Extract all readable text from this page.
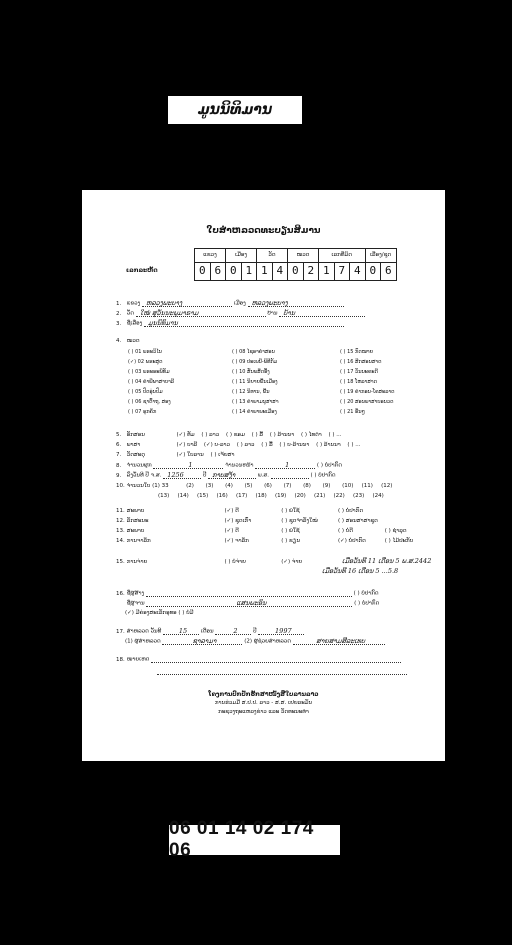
ມູນນິທິມານ
ໃບສຳຫລວດທະບຽນສິມານ
ເລກລະຫັດ
ແຂວງ		ເມືອງ		ວັດ		ໝວດ		ເລກທີ່ມິດ			ເລື່ອງ/ຊຸດ	
0	6	0	1	1	4	0	2	1	7	4	0	6
1. ແຂວງ ຫລວງພະບາງ	ເມືອງ ຫລວງພະບາງ
2. ວັດ ໃໝ່ ສຸວັນນະພູມາຣາມ	ບ້ານ ບ້ານ
3. ຊື່ເລື່ອງ ມູນນິທິມານ
4. ໝວດ
( ) 01 ພຣະວິໄນ	( ) 08 ໄຊອາຄຳສອນ	( ) 15 ກົດໝາຍ
(✓) 02 ພຣະສູດ	( ) 09 ປະເພນີ-ພິທີກັມ	( ) 16 ສິກສອນສາດ
( ) 03 ພຣະອະພິທັມ	( ) 10 ສັ່ນພສຶດອັ້ງ	( ) 17 ວັນນະຄະດີ
( ) 04 ຄຳພີພາສາບາລີ	( ) 11 ນິຍາຍພື້ນເມືອງ	( ) 18 ໂຫລາສາດ
( ) 05 ປົດອຸ່ນປົມ	( ) 12 ນິທານ, ພື້ນ	( ) 19 ຄຳກອນ-ໂຄສະລາດ
( ) 06 ຊາດົ້າຖ, ສອງ	( ) 13 ຄຳພາມນູສາສາ	( ) 20 ສອນພາສາບອນວດ
( ) 07 ອຸກຄຶກ	( ) 14 ຄຳພາພະເມືອງ	( ) 21 ອື່ນໆ
5. ອັກສອນ	(✓) ທັມ ( ) ລາວ ( ) ຂອມ ( ) ລື້ ( ) ລ້ານນາ ( ) ໄທດໍາ ( ) ...
6. ພາສາ	(✓) ບາລີ (✓) ບ-ລາວ ( ) ລາວ ( ) ລື້ ( ) ບ-ລ້ານນາ ( ) ລ້ານນາ ( ) ...
7. ວັດສະດຸ	(✓) ໃບລານ ( ) ເຈ້ຍສາ
8. ຈຳນວນຜູກ	1	ຈຳນວນຫນ້າ	1	( ) ບໍ່ປາກົດ
9. ລົງວັນທີ ປີ ຈ.ສ. 1256	ປີ ກາບສງ້າ	ພ.ສ.	( ) ບໍ່ປາກົດ
10. ຈຳນວນໃບ (1) 33	(2) (3) (4) (5) (6) (7) (8) (9) (10) (11) (12)
(13) (14) (15) (16) (17) (18) (19) (20) (21) (22) (23) (24)
11. ສະພາບ	(✓) ດີ	( ) ພໍໃຊ້	( ) ບໍ່ປາກົດ
12. ລັກສະນະ	(✓) ຊຸດເກົ່າ	( ) ຊຸດຈຳລັງໃໝ່	( ) ສອນສາສາຊຸດ
13. ສະພາບ	(✓) ດີ	( ) ພໍໃຊ້	( ) ບໍ່ດີ	( ) ຊຳລຸດ
14. ການຈາລຶກ	(✓) ຈາລຶກ	( ) ຂຽນ	(✓) ບໍ່ປາກົດ	( ) ໄມ້ປະກັບ
15. ການຈ່າຍ	( ) ບໍ່ຈ່າຍ	(✓) ຈ່າຍ	ເມື່ອວັນທີ 11 ເດືອນ 5 ພ.ສ.2442
ເມື່ອວັນທີ 16 ເດືອນ 5 ...5.8
16. ຊື່ຜູ້ສ້າງ	( ) ບໍ່ປາກົດ
ຊື່ຜູ້ຈານ	ແສນພະອິນ	( ) ບໍ່ປາກົດ
(✓) ມີຄ່ອງສະເລັກອຸທອ ( ) ບໍ່ມີ
17. ສຳຫລວດ ວັນທີ	15 ເດືອນ	2	ປີ	1997
(1) ຜູ້ສຳຫລວດ	ຊາລາມາ	(2) ຜູ້ຊ່ວຍສຳຫລວດ	ສາຍສາມສີລະເທບ
18. ໝາຍເຫດ
ໂຄງການປົກປັກຮັກສາໜັງສືໃບລານລາວ
ການຮ່ວມມື ສ.ປ.ປ. ລາວ - ສ.ສ. ເຢຍລະມັນ
ກະຊວງຖະແຫລງຂ່າວ ແລະ ວັດທະນະທຳ
06 01 14 02 174 06
